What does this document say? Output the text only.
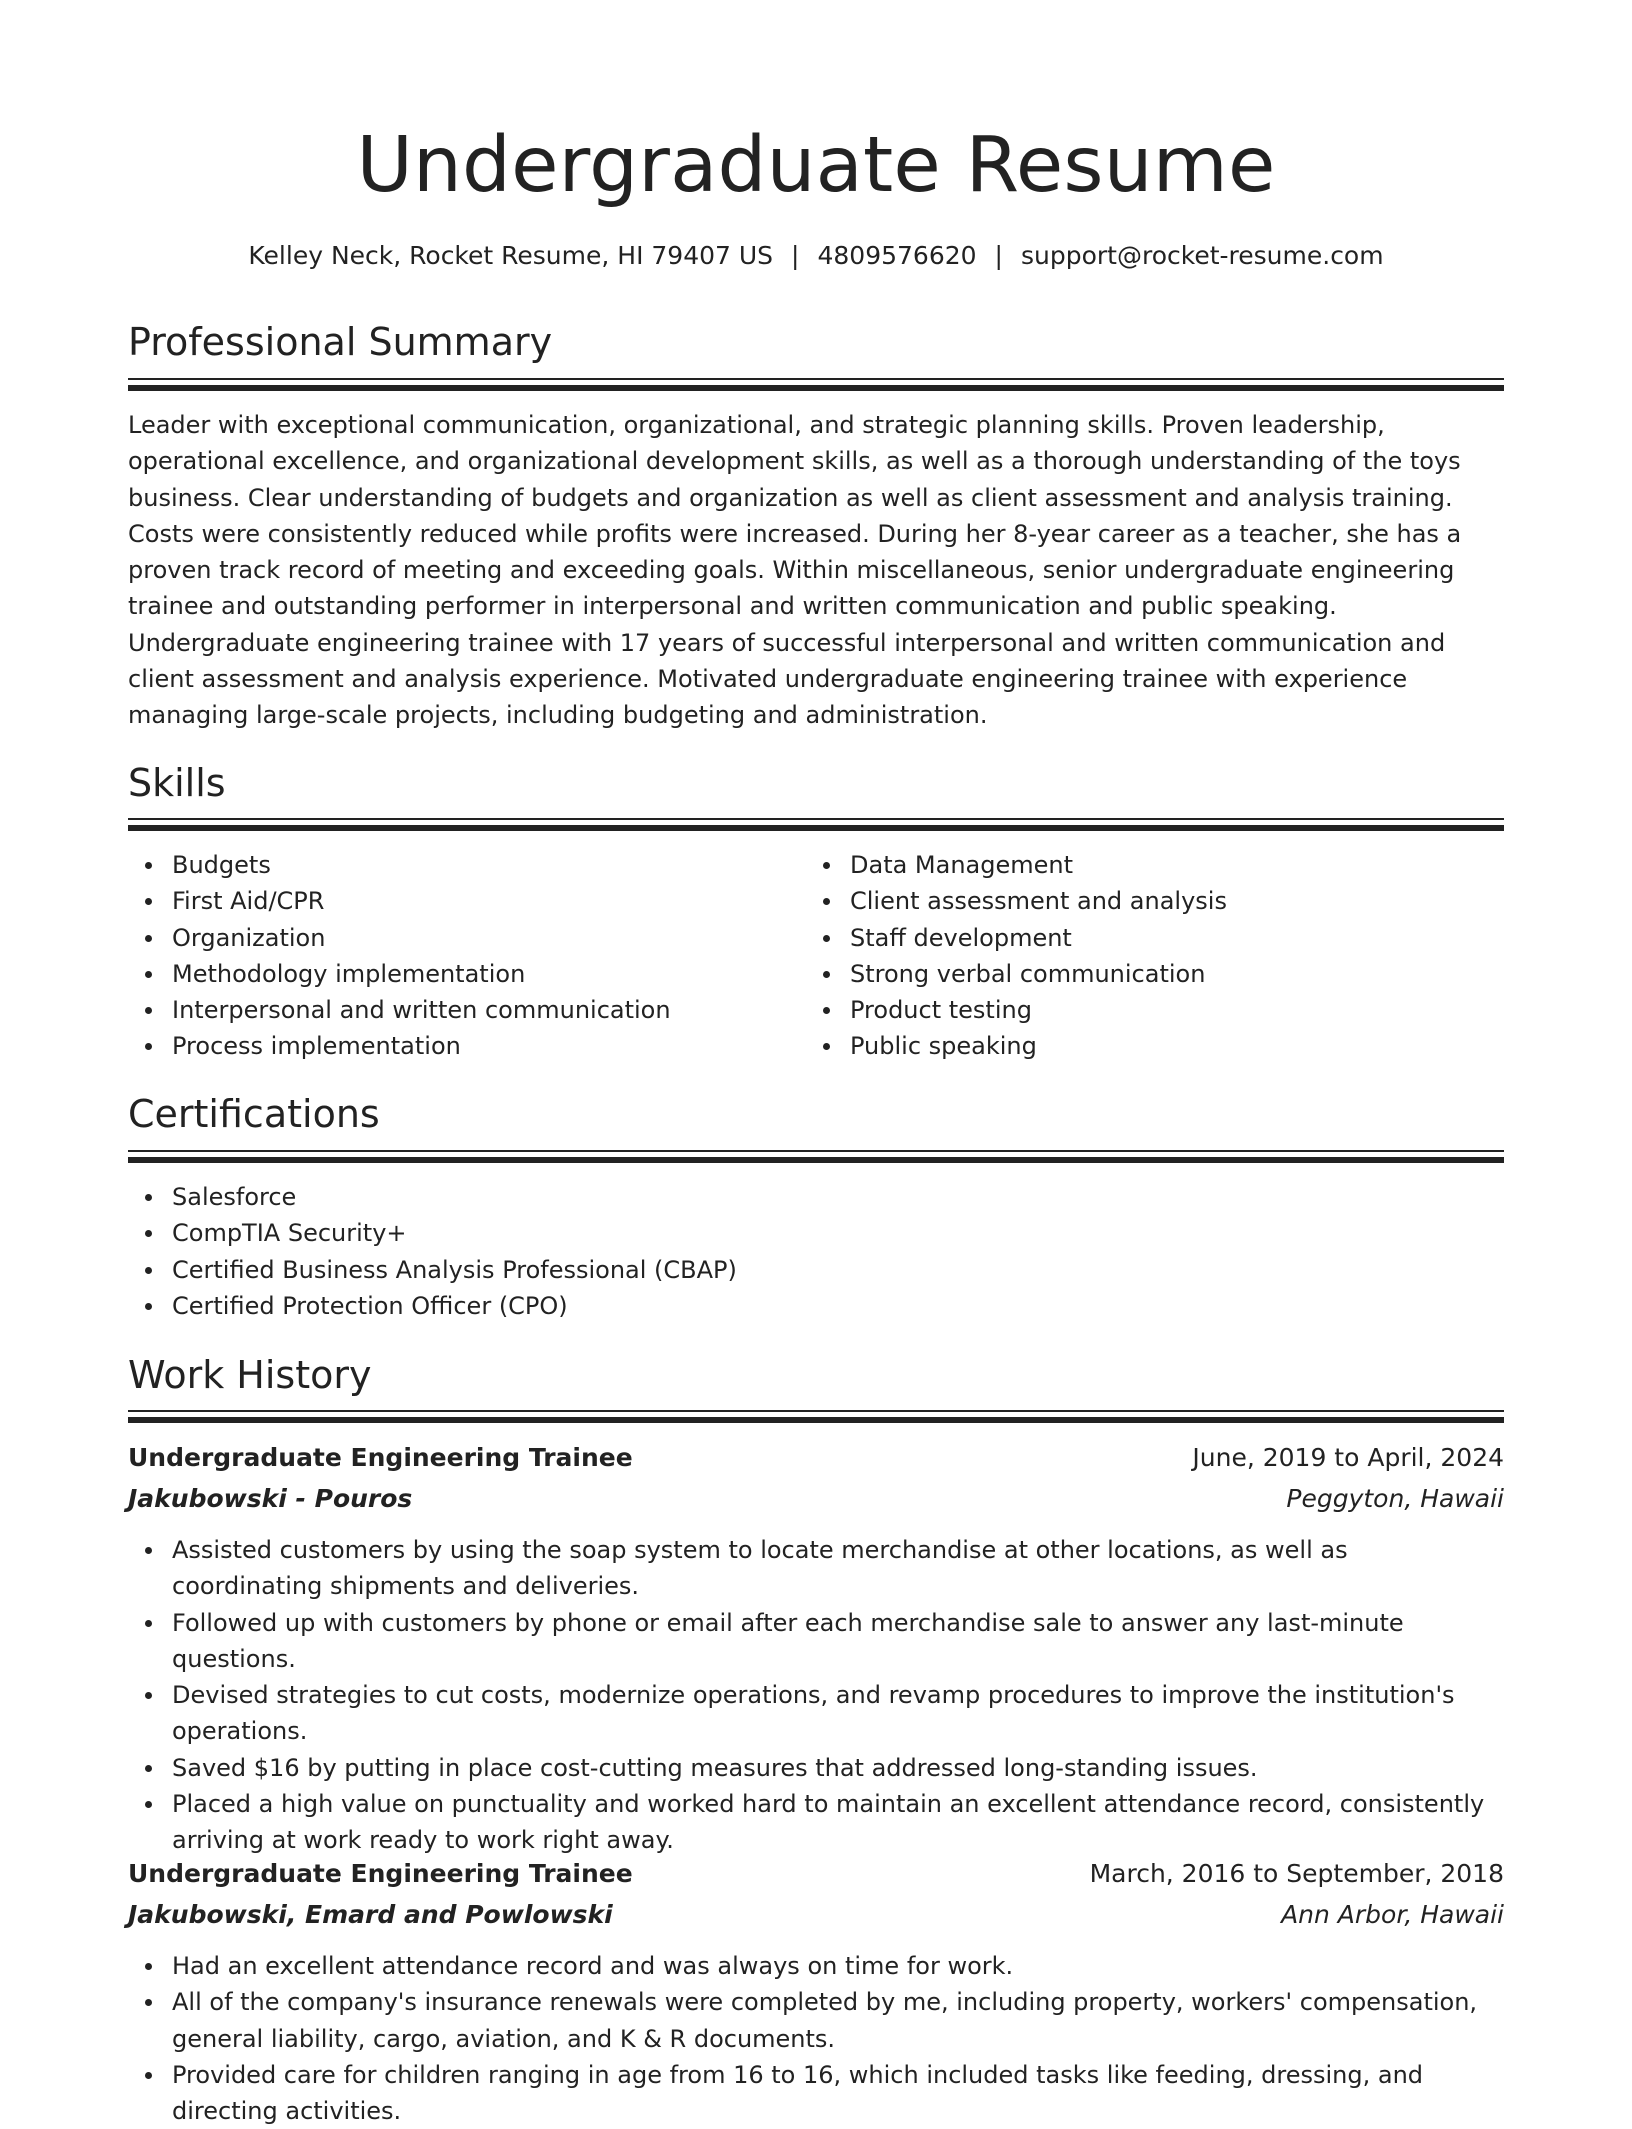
Undergraduate Resume
Kelley Neck, Rocket Resume, HI 79407 US | 4809576620 | support@rocket-resume.com
Professional Summary

Leader with exceptional communication, organizational, and strategic planning skills. Proven leadership, operational excellence, and organizational development skills, as well as a thorough understanding of the toys business. Clear understanding of budgets and organization as well as client assessment and analysis training. Costs were consistently reduced while profits were increased. During her 8-year career as a teacher, she has a proven track record of meeting and exceeding goals. Within miscellaneous, senior undergraduate engineering trainee and outstanding performer in interpersonal and written communication and public speaking. Undergraduate engineering trainee with 17 years of successful interpersonal and written communication and client assessment and analysis experience. Motivated undergraduate engineering trainee with experience managing large-scale projects, including budgeting and administration.

Skills
Budgets
First Aid/CPR
Organization
Methodology implementation
Interpersonal and written communication
Process implementation
Data Management
Client assessment and analysis
Staff development
Strong verbal communication
Product testing
Public speaking
Certifications
Salesforce
CompTIA Security+
Certified Business Analysis Professional (CBAP)
Certified Protection Officer (CPO)
Work History
Undergraduate Engineering Trainee	June, 2019 to April, 2024
Jakubowski - Pouros	Peggyton, Hawaii
Assisted customers by using the soap system to locate merchandise at other locations, as well as coordinating shipments and deliveries.
Followed up with customers by phone or email after each merchandise sale to answer any last-minute questions.
Devised strategies to cut costs, modernize operations, and revamp procedures to improve the institution's operations.
Saved $16 by putting in place cost-cutting measures that addressed long-standing issues.
Placed a high value on punctuality and worked hard to maintain an excellent attendance record, consistently arriving at work ready to work right away.
Undergraduate Engineering Trainee	March, 2016 to September, 2018
Jakubowski, Emard and Powlowski	Ann Arbor, Hawaii
Had an excellent attendance record and was always on time for work.
All of the company's insurance renewals were completed by me, including property, workers' compensation, general liability, cargo, aviation, and K & R documents.
Provided care for children ranging in age from 16 to 16, which included tasks like feeding, dressing, and directing activities.
